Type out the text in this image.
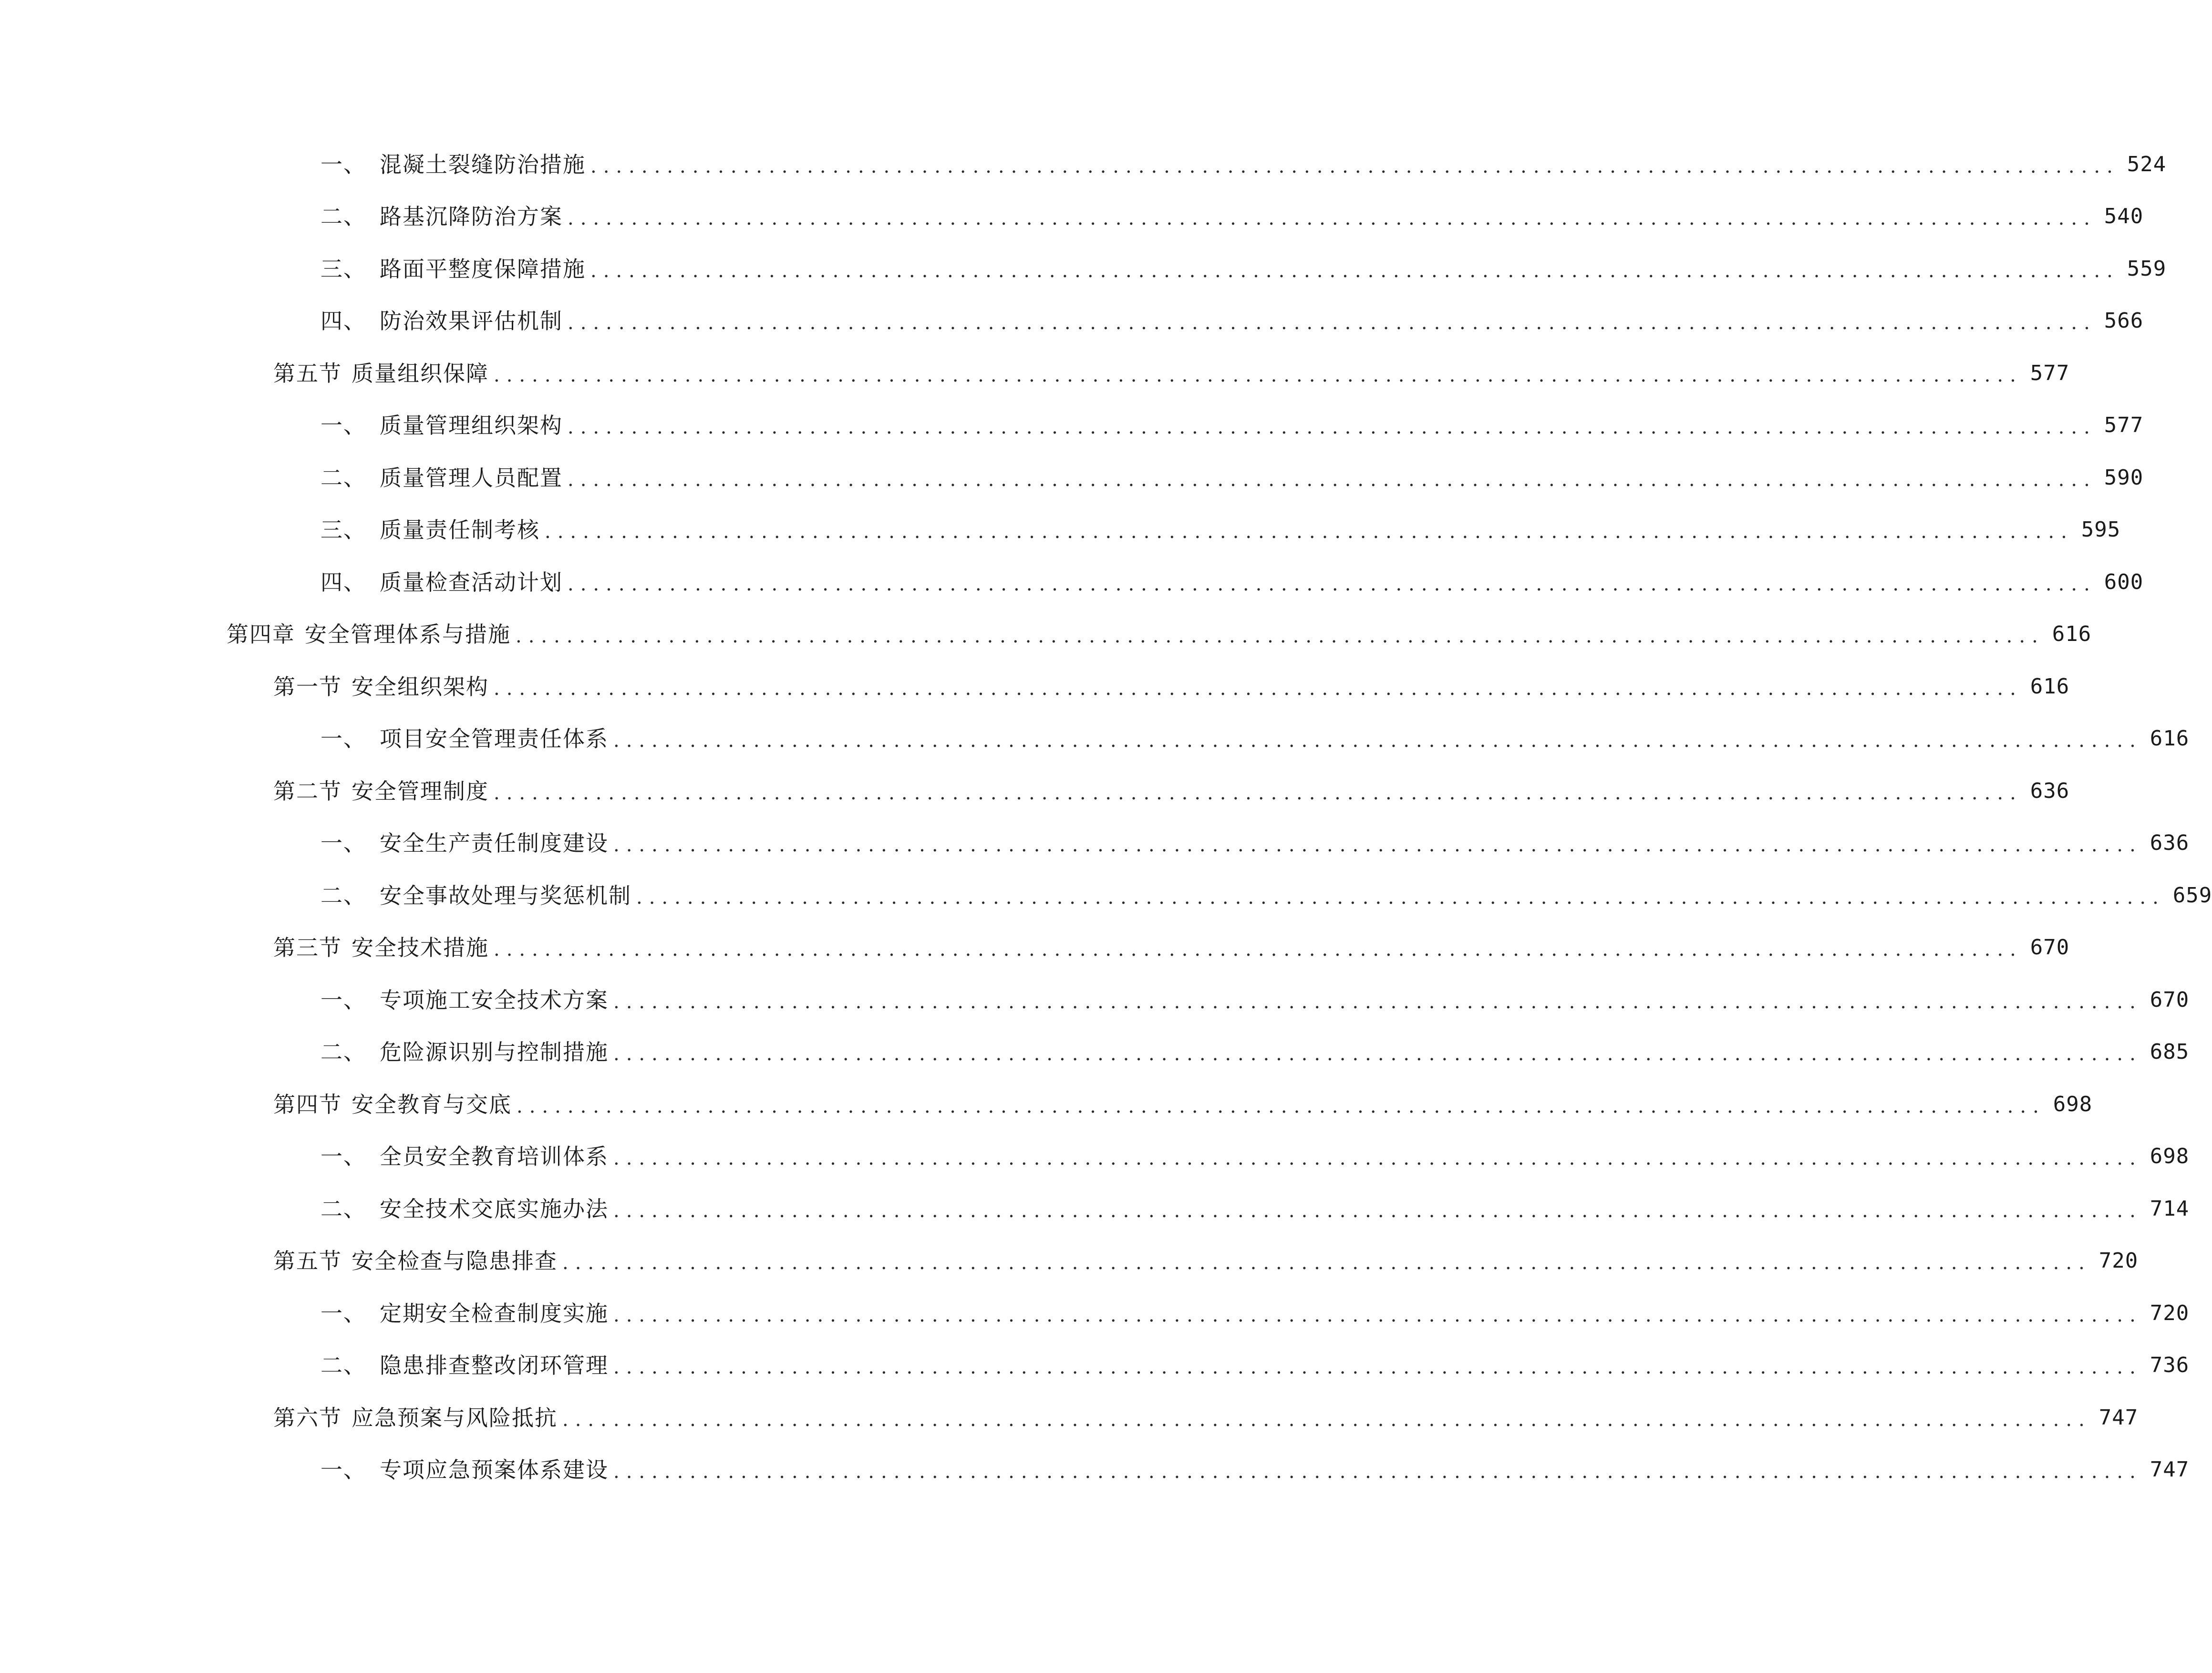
一、 混凝土裂缝防治措施 ........................................................................................................................ 524
二、 路基沉降防治方案 ........................................................................................................................ 540
三、 路面平整度保障措施 ........................................................................................................................ 559
四、 防治效果评估机制 ........................................................................................................................ 566
第五节 质量组织保障 ........................................................................................................................ 577
一、 质量管理组织架构 ........................................................................................................................ 577
二、 质量管理人员配置 ........................................................................................................................ 590
三、 质量责任制考核 ........................................................................................................................ 595
四、 质量检查活动计划 ........................................................................................................................ 600
第四章 安全管理体系与措施 ........................................................................................................................ 616
第一节 安全组织架构 ........................................................................................................................ 616
一、 项目安全管理责任体系 ........................................................................................................................ 616
第二节 安全管理制度 ........................................................................................................................ 636
一、 安全生产责任制度建设 ........................................................................................................................ 636
二、 安全事故处理与奖惩机制 ........................................................................................................................ 659
第三节 安全技术措施 ........................................................................................................................ 670
一、 专项施工安全技术方案 ........................................................................................................................ 670
二、 危险源识别与控制措施 ........................................................................................................................ 685
第四节 安全教育与交底 ........................................................................................................................ 698
一、 全员安全教育培训体系 ........................................................................................................................ 698
二、 安全技术交底实施办法 ........................................................................................................................ 714
第五节 安全检查与隐患排查 ........................................................................................................................ 720
一、 定期安全检查制度实施 ........................................................................................................................ 720
二、 隐患排查整改闭环管理 ........................................................................................................................ 736
第六节 应急预案与风险抵抗 ........................................................................................................................ 747
一、 专项应急预案体系建设 ........................................................................................................................ 747
